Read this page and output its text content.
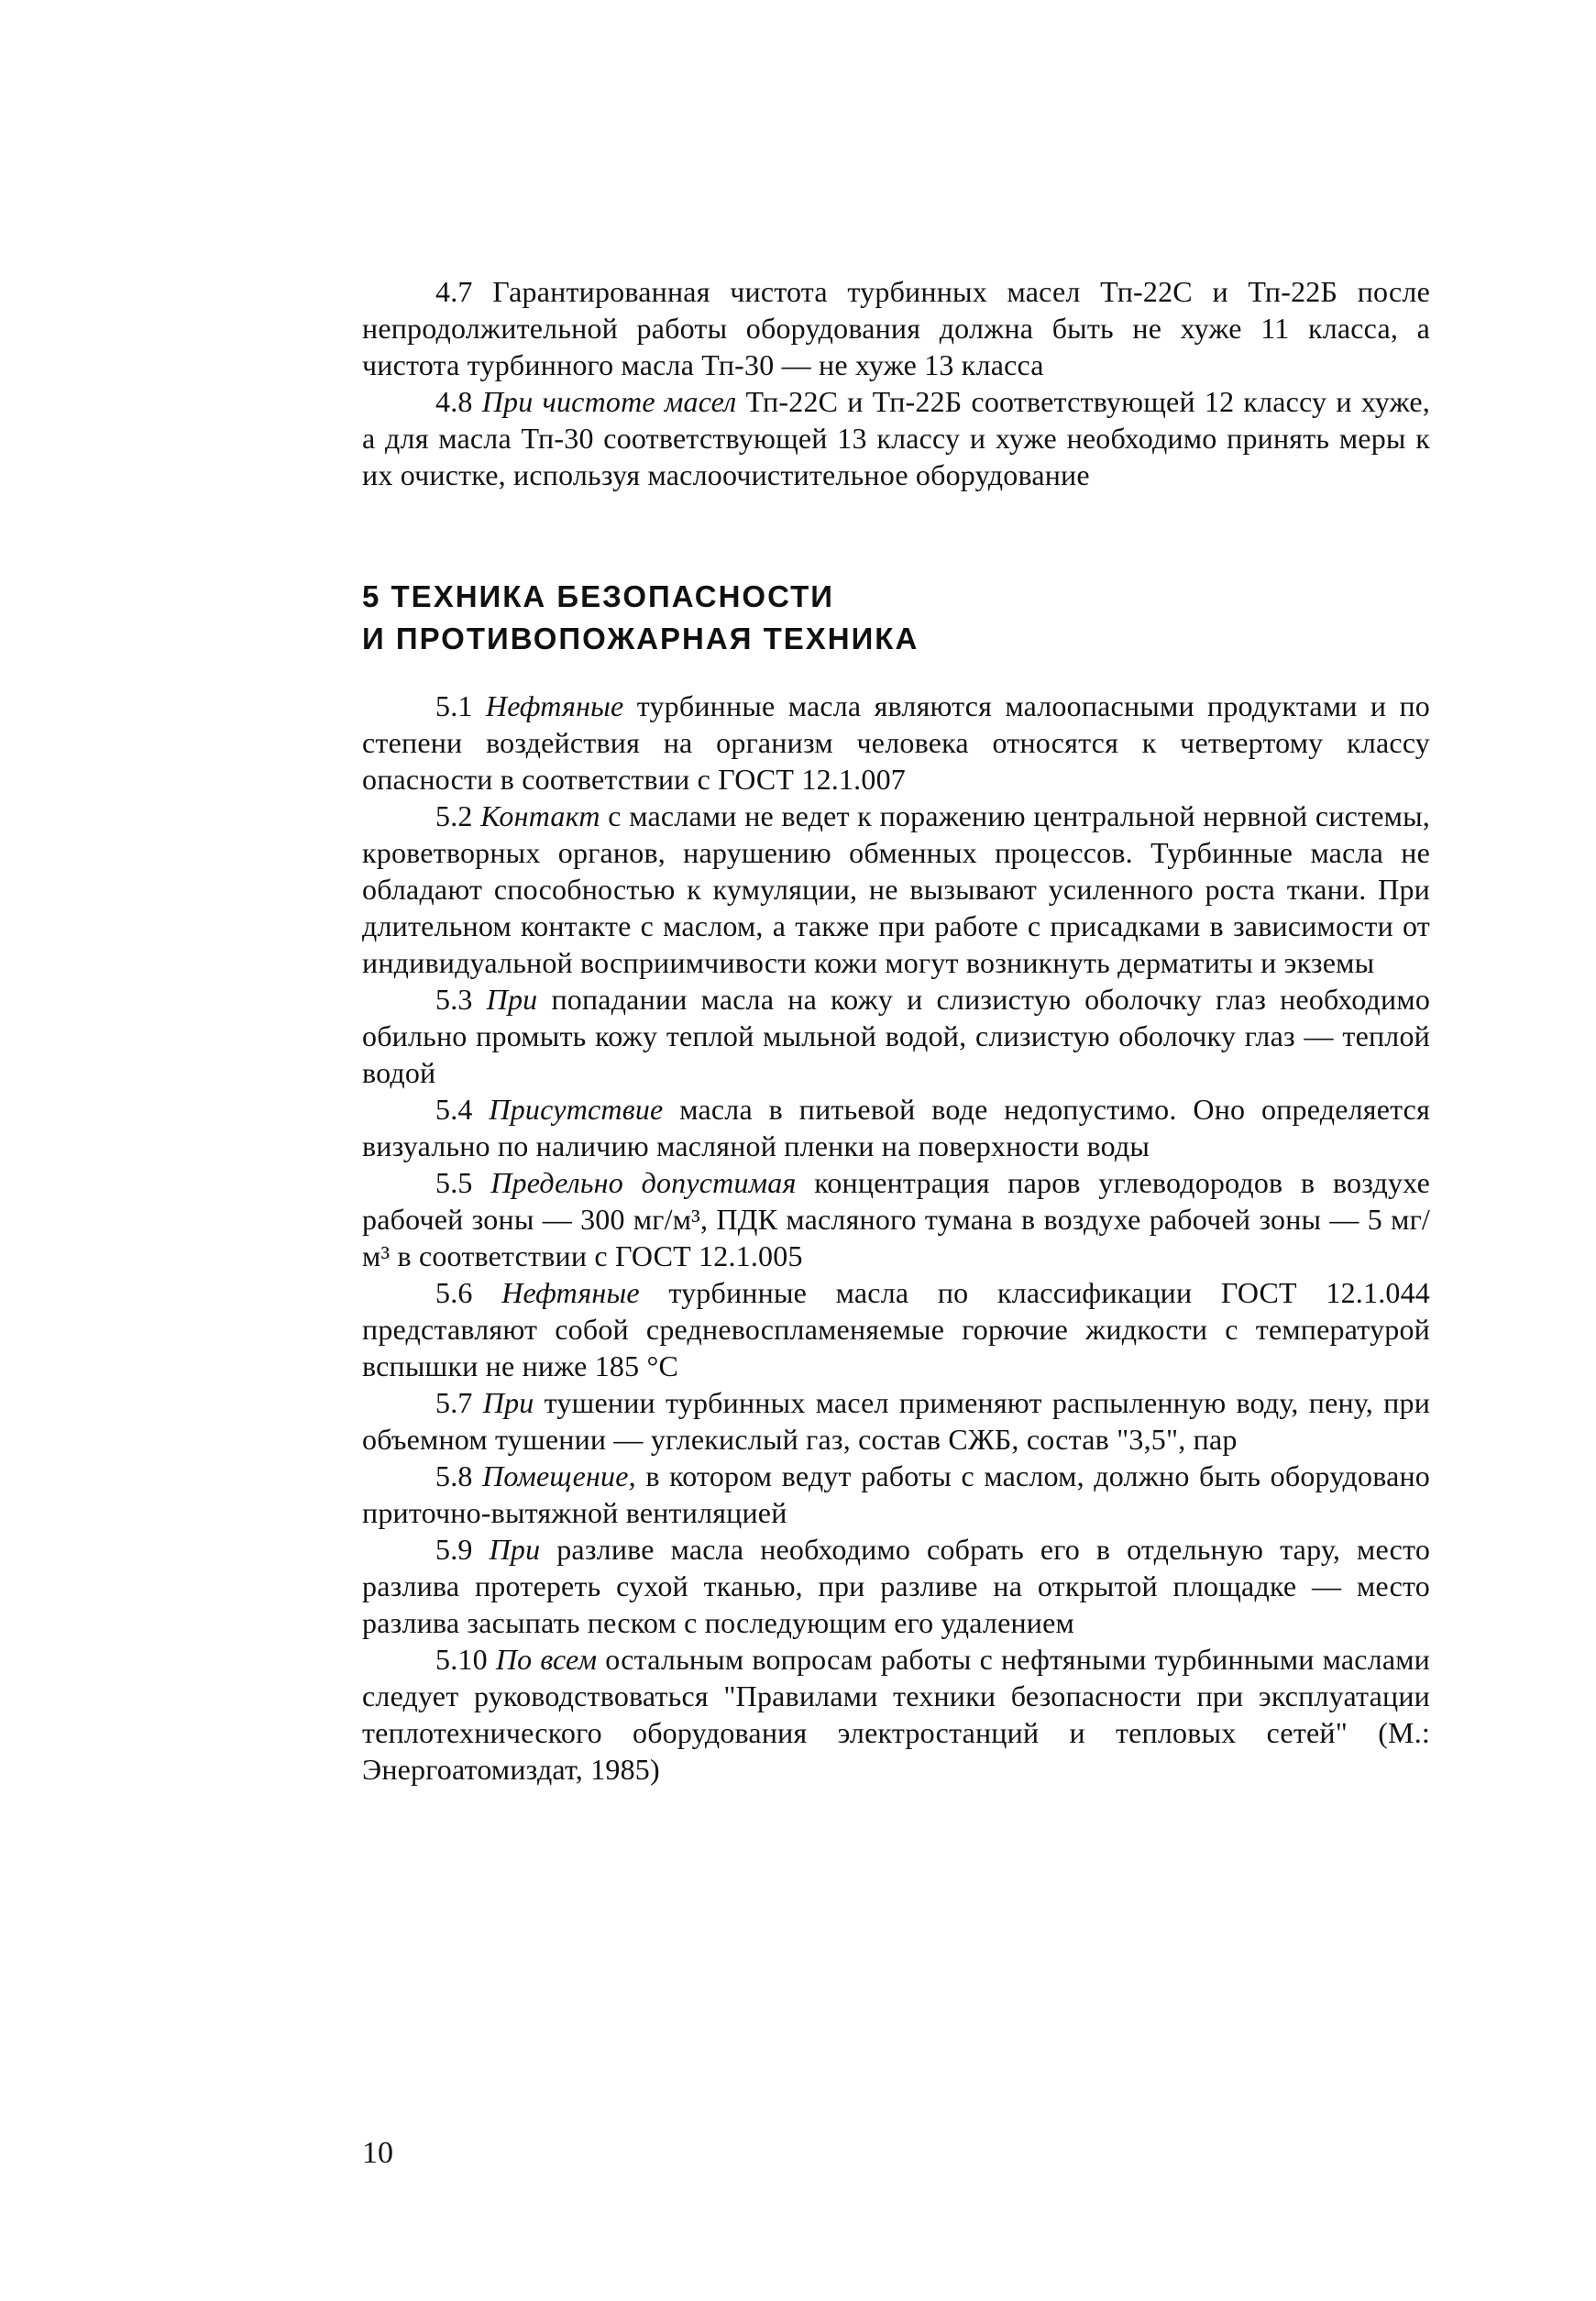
4.7 Гарантированная чистота турбинных масел Тп-22С и Тп-22Б после непродолжительной работы оборудования должна быть не хуже 11 класса, а чистота турбинного масла Тп-30 — не хуже 13 класса

4.8 При чистоте масел Тп-22С и Тп-22Б соответствующей 12 классу и хуже, а для масла Тп-30 соответствующей 13 классу и хуже необходимо принять меры к их очистке, используя маслоочистительное оборудование

5 ТЕХНИКА БЕЗОПАСНОСТИ
И ПРОТИВОПОЖАРНАЯ ТЕХНИКА

5.1 Нефтяные турбинные масла являются малоопасными продуктами и по степени воздействия на организм человека относятся к четвертому классу опасности в соответствии с ГОСТ 12.1.007

5.2 Контакт с маслами не ведет к поражению центральной нервной системы, кроветворных органов, нарушению обменных процессов. Турбинные масла не обладают способностью к кумуляции, не вызывают усиленного роста ткани. При длительном контакте с маслом, а также при работе с присадками в зависимости от индивидуальной восприимчивости кожи могут возникнуть дерматиты и экземы

5.3 При попадании масла на кожу и слизистую оболочку глаз необходимо обильно промыть кожу теплой мыльной водой, слизистую оболочку глаз — теплой водой

5.4 Присутствие масла в питьевой воде недопустимо. Оно определяется визуально по наличию масляной пленки на поверхности воды

5.5 Предельно допустимая концентрация паров углеводородов в воздухе рабочей зоны — 300 мг/м³, ПДК масляного тумана в воздухе рабочей зоны — 5 мг/м³ в соответствии с ГОСТ 12.1.005

5.6 Нефтяные турбинные масла по классификации ГОСТ 12.1.044 представляют собой средневоспламеняемые горючие жидкости с температурой вспышки не ниже 185 °С

5.7 При тушении турбинных масел применяют распыленную воду, пену, при объемном тушении — углекислый газ, состав СЖБ, состав "3,5", пар

5.8 Помещение, в котором ведут работы с маслом, должно быть оборудовано приточно-вытяжной вентиляцией

5.9 При разливе масла необходимо собрать его в отдельную тару, место разлива протереть сухой тканью, при разливе на открытой площадке — место разлива засыпать песком с последующим его удалением

5.10 По всем остальным вопросам работы с нефтяными турбинными маслами следует руководствоваться "Правилами техники безопасности при эксплуатации теплотехнического оборудования электростанций и тепловых сетей" (М.: Энергоатомиздат, 1985)

10
